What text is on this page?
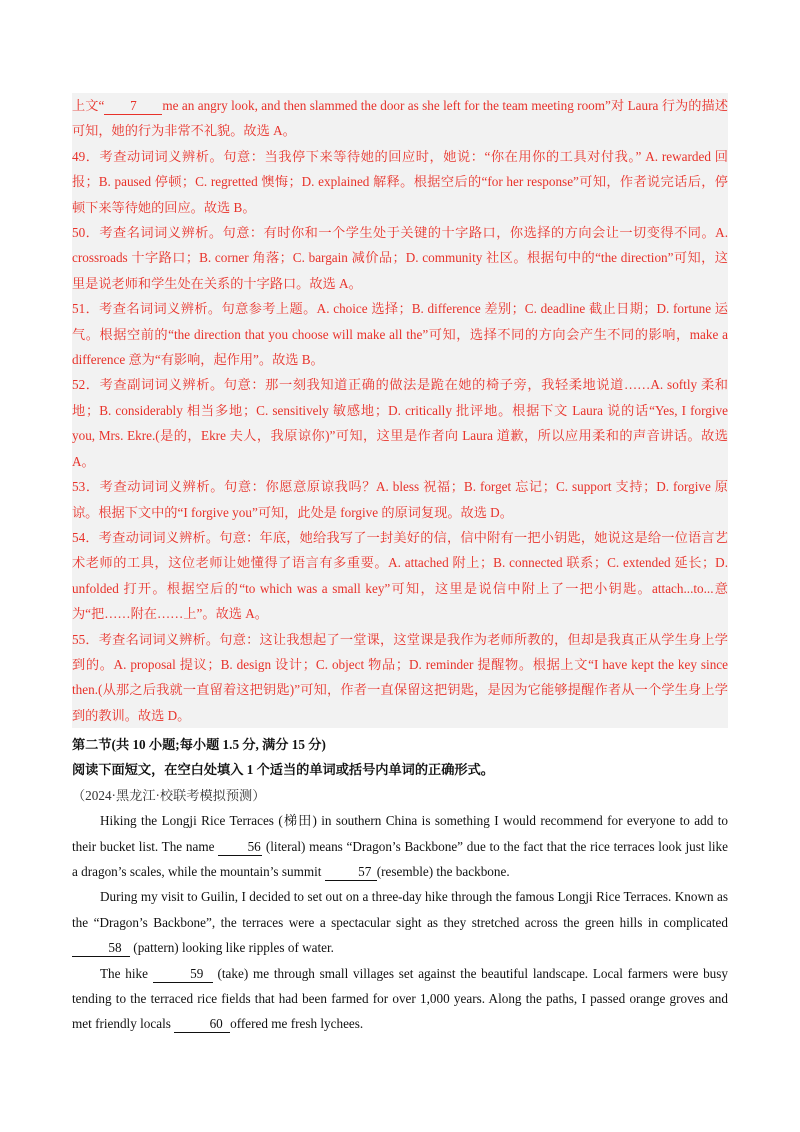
上文“ 7 me an angry look, and then slammed the door as she left for the team meeting room”对 Laura 行为的描述可知，她的行为非常不礼貌。故选 A。

49．考查动词词义辨析。句意：当我停下来等待她的回应时，她说：“你在用你的工具对付我。” A. rewarded 回报；B. paused 停顿；C. regretted 懊悔；D. explained 解释。根据空后的“for her response”可知，作者说完话后，停顿下来等待她的回应。故选 B。

50．考查名词词义辨析。句意：有时你和一个学生处于关键的十字路口，你选择的方向会让一切变得不同。A. crossroads 十字路口；B. corner 角落；C. bargain 减价品；D. community 社区。根据句中的“the direction”可知，这里是说老师和学生处在关系的十字路口。故选 A。

51．考查名词词义辨析。句意参考上题。A. choice 选择；B. difference 差别；C. deadline 截止日期；D. fortune 运气。根据空前的“the direction that you choose will make all the”可知，选择不同的方向会产生不同的影响，make a difference 意为“有影响，起作用”。故选 B。

52．考查副词词义辨析。句意：那一刻我知道正确的做法是跪在她的椅子旁，我轻柔地说道……A. softly 柔和地；B. considerably 相当多地；C. sensitively 敏感地；D. critically 批评地。根据下文 Laura 说的话“Yes, I forgive you, Mrs. Ekre.(是的，Ekre 夫人，我原谅你)”可知，这里是作者向 Laura 道歉，所以应用柔和的声音讲话。故选 A。

53．考查动词词义辨析。句意：你愿意原谅我吗？A. bless 祝福；B. forget 忘记；C. support 支持；D. forgive 原谅。根据下文中的“I forgive you”可知，此处是 forgive 的原词复现。故选 D。

54．考查动词词义辨析。句意：年底，她给我写了一封美好的信，信中附有一把小钥匙，她说这是给一位语言艺术老师的工具，这位老师让她懂得了语言有多重要。A. attached 附上；B. connected 联系；C. extended 延长；D. unfolded 打开。根据空后的“to which was a small key”可知，这里是说信中附上了一把小钥匙。attach...to...意为“把……附在……上”。故选 A。

55．考查名词词义辨析。句意：这让我想起了一堂课，这堂课是我作为老师所教的，但却是我真正从学生身上学到的。A. proposal 提议；B. design 设计；C. object 物品；D. reminder 提醒物。根据上文“I have kept the key since then.(从那之后我就一直留着这把钥匙)”可知，作者一直保留这把钥匙，是因为它能够提醒作者从一个学生身上学到的教训。故选 D。

第二节(共 10 小题;每小题 1.5 分, 满分 15 分)

阅读下面短文，在空白处填入 1 个适当的单词或括号内单词的正确形式。

（2024·黑龙江·校联考模拟预测）

Hiking the Longji Rice Terraces (梯田) in southern China is something I would recommend for everyone to add to their bucket list. The name 56 (literal) means “Dragon’s Backbone” due to the fact that the rice terraces look just like a dragon’s scales, while the mountain’s summit	57 (resemble) the backbone.

During my visit to Guilin, I decided to set out on a three-day hike through the famous Longji Rice Terraces. Known as the “Dragon’s Backbone”, the terraces were a spectacular sight as they stretched across the green hills in complicated 58 (pattern) looking like ripples of water.

The hike	59 (take) me through small villages set against the beautiful landscape. Local farmers were busy tending to the terraced rice fields that had been farmed for over 1,000 years. Along the paths, I passed orange groves and met friendly locals	60 offered me fresh lychees.
